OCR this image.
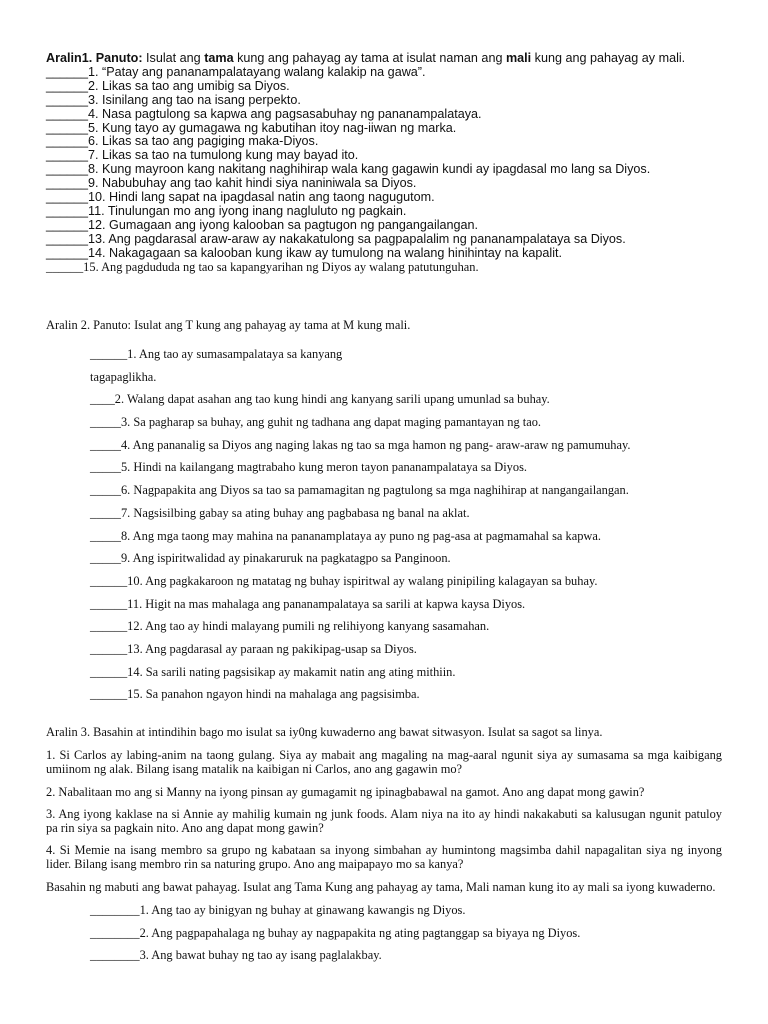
Aralin1. Panuto: Isulat ang tama kung ang pahayag ay tama at isulat naman ang mali kung ang pahayag ay mali.

______1. “Patay ang pananampalatayang walang kalakip na gawa”.

______2. Likas sa tao ang umibig sa Diyos.

______3. Isinilang ang tao na isang perpekto.

______4. Nasa pagtulong sa kapwa ang pagsasabuhay ng pananampalataya.

______5. Kung tayo ay gumagawa ng kabutihan itoy nag-iiwan ng marka.

______6. Likas sa tao ang pagiging maka-Diyos.

______7. Likas sa tao na tumulong kung may bayad ito.

______8. Kung mayroon kang nakitang naghihirap wala kang gagawin kundi ay ipagdasal mo lang sa Diyos.

______9. Nabubuhay ang tao kahit hindi siya naniniwala sa Diyos.

______10. Hindi lang sapat na ipagdasal natin ang taong nagugutom.

______11. Tinulungan mo ang iyong inang nagluluto ng pagkain.

______12. Gumagaan ang iyong kalooban sa pagtugon ng pangangailangan.

______13. Ang pagdarasal araw-araw ay nakakatulong sa pagpapalalim ng pananampalataya sa Diyos.

______14. Nakagagaan sa kalooban kung ikaw ay tumulong na walang hinihintay na kapalit.

______15. Ang pagdududa ng tao sa kapangyarihan ng Diyos ay walang patutunguhan.

Aralin 2. Panuto: Isulat ang T kung ang pahayag ay tama at M kung mali.

______1. Ang tao ay sumasampalataya sa kanyang

tagapaglikha.

____2. Walang dapat asahan ang tao kung hindi ang kanyang sarili upang umunlad sa buhay.

_____3. Sa pagharap sa buhay, ang guhit ng tadhana ang dapat maging pamantayan ng tao.

_____4. Ang pananalig sa Diyos ang naging lakas ng tao sa mga hamon ng pang- araw-araw ng pamumuhay.

_____5. Hindi na kailangang magtrabaho kung meron tayon pananampalataya sa Diyos.

_____6. Nagpapakita ang Diyos sa tao sa pamamagitan ng pagtulong sa mga naghihirap at nangangailangan.

_____7. Nagsisilbing gabay sa ating buhay ang pagbabasa ng banal na aklat.

_____8. Ang mga taong may mahina na pananamplataya ay puno ng pag-asa at pagmamahal sa kapwa.

_____9. Ang ispiritwalidad ay pinakaruruk na pagkatagpo sa Panginoon.

______10. Ang pagkakaroon ng matatag ng buhay ispiritwal ay walang pinipiling kalagayan sa buhay.

______11. Higit na mas mahalaga ang pananampalataya sa sarili at kapwa kaysa Diyos.

______12. Ang tao ay hindi malayang pumili ng relihiyong kanyang sasamahan.

______13. Ang pagdarasal ay paraan ng pakikipag-usap sa Diyos.

______14. Sa sarili nating pagsisikap ay makamit natin ang ating mithiin.

______15. Sa panahon ngayon hindi na mahalaga ang pagsisimba.

Aralin 3. Basahin at intindihin bago mo isulat sa iy0ng kuwaderno ang bawat sitwasyon. Isulat sa sagot sa linya.

1. Si Carlos ay labing-anim na taong gulang. Siya ay mabait ang magaling na mag-aaral ngunit siya ay sumasama sa mga kaibigang umiinom ng alak. Bilang isang matalik na kaibigan ni Carlos, ano ang gagawin mo?

2. Nabalitaan mo ang si Manny na iyong pinsan ay gumagamit ng ipinagbabawal na gamot. Ano ang dapat mong gawin?

3. Ang iyong kaklase na si Annie ay mahilig kumain ng junk foods. Alam niya na ito ay hindi nakakabuti sa kalusugan ngunit patuloy pa rin siya sa pagkain nito. Ano ang dapat mong gawin?

4. Si Memie na isang membro sa grupo ng kabataan sa inyong simbahan ay humintong magsimba dahil napagalitan siya ng inyong lider. Bilang isang membro rin sa naturing grupo. Ano ang maipapayo mo sa kanya?

Basahin ng mabuti ang bawat pahayag. Isulat ang Tama Kung ang pahayag ay tama, Mali naman kung ito ay mali sa iyong kuwaderno.

________1. Ang tao ay binigyan ng buhay at ginawang kawangis ng Diyos.

________2. Ang pagpapahalaga ng buhay ay nagpapakita ng ating pagtanggap sa biyaya ng Diyos.

________3. Ang bawat buhay ng tao ay isang paglalakbay.
